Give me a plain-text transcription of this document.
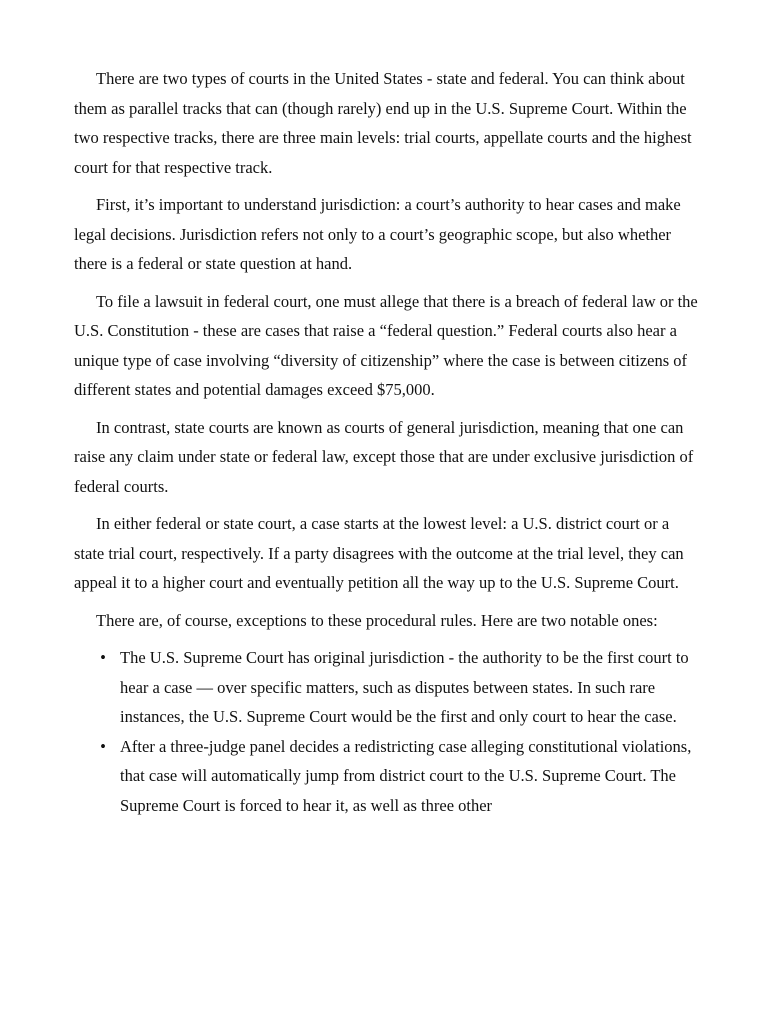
There are two types of courts in the United States - state and federal. You can think about them as parallel tracks that can (though rarely) end up in the U.S. Supreme Court. Within the two respective tracks, there are three main levels: trial courts, appellate courts and the highest court for that respective track.

First, it’s important to understand jurisdiction: a court’s authority to hear cases and make legal decisions. Jurisdiction refers not only to a court’s geographic scope, but also whether there is a federal or state question at hand.

To file a lawsuit in federal court, one must allege that there is a breach of federal law or the U.S. Constitution - these are cases that raise a “federal question.” Federal courts also hear a unique type of case involving “diversity of citizenship” where the case is between citizens of different states and potential damages exceed $75,000.

In contrast, state courts are known as courts of general jurisdiction, meaning that one can raise any claim under state or federal law, except those that are under exclusive jurisdiction of federal courts.

In either federal or state court, a case starts at the lowest level: a U.S. district court or a state trial court, respectively. If a party disagrees with the outcome at the trial level, they can appeal it to a higher court and eventually petition all the way up to the U.S. Supreme Court.

There are, of course, exceptions to these procedural rules. Here are two notable ones:

•
The U.S. Supreme Court has original jurisdiction - the authority to be the first court to hear a case — over specific matters, such as disputes between states. In such rare instances, the U.S. Supreme Court would be the first and only court to hear the case.
•
After a three-judge panel decides a redistricting case alleging constitutional violations, that case will automatically jump from district court to the U.S. Supreme Court. The Supreme Court is forced to hear it, as well as three other
